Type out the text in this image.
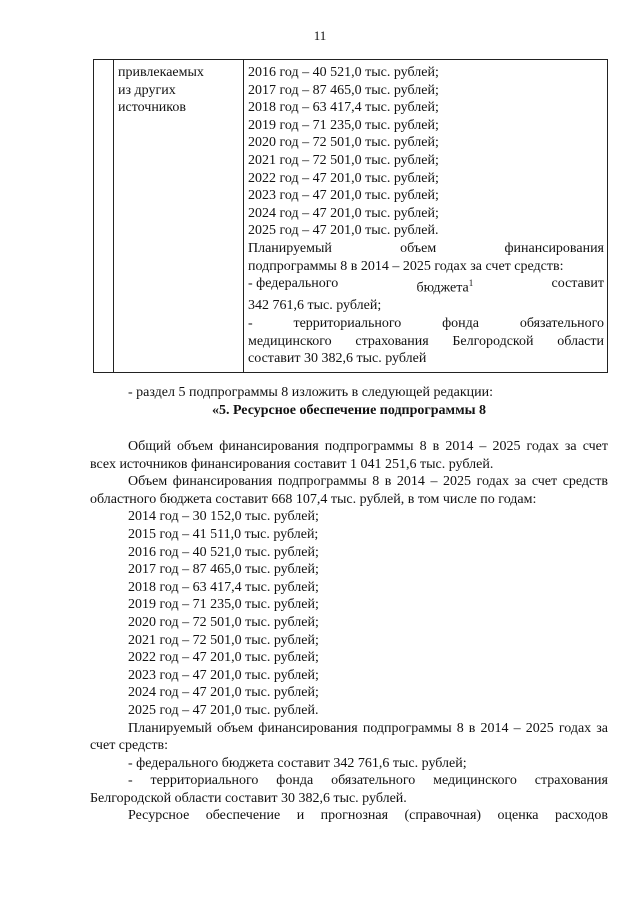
11

привлекаемых
из других
источников

2016 год – 40 521,0 тыс. рублей;
2017 год – 87 465,0 тыс. рублей;
2018 год – 63 417,4 тыс. рублей;
2019 год – 71 235,0 тыс. рублей;
2020 год – 72 501,0 тыс. рублей;
2021 год – 72 501,0 тыс. рублей;
2022 год – 47 201,0 тыс. рублей;
2023 год – 47 201,0 тыс. рублей;
2024 год – 47 201,0 тыс. рублей;
2025 год – 47 201,0 тыс. рублей.
Планируемый объем финансирования
подпрограммы 8 в 2014 – 2025 годах за счет средств:
- федерального	бюджета$^1$	составит
342 761,6 тыс. рублей;
- территориального фонда обязательного
медицинского страхования Белгородской области
составит 30 382,6 тыс. рублей

- раздел 5 подпрограммы 8 изложить в следующей редакции:

«5. Ресурсное обеспечение подпрограммы 8

Общий объем финансирования подпрограммы 8 в 2014 – 2025 годах за счет всех источников финансирования составит 1 041 251,6 тыс. рублей.

Объем финансирования подпрограммы 8 в 2014 – 2025 годах за счет средств областного бюджета составит 668 107,4 тыс. рублей, в том числе по годам:

2014 год – 30 152,0 тыс. рублей;
2015 год – 41 511,0 тыс. рублей;
2016 год – 40 521,0 тыс. рублей;
2017 год – 87 465,0 тыс. рублей;
2018 год – 63 417,4 тыс. рублей;
2019 год – 71 235,0 тыс. рублей;
2020 год – 72 501,0 тыс. рублей;
2021 год – 72 501,0 тыс. рублей;
2022 год – 47 201,0 тыс. рублей;
2023 год – 47 201,0 тыс. рублей;
2024 год – 47 201,0 тыс. рублей;
2025 год – 47 201,0 тыс. рублей.

Планируемый объем финансирования подпрограммы 8 в 2014 – 2025 годах за счет средств:

- федерального бюджета составит 342 761,6 тыс. рублей;

- территориального фонда обязательного медицинского страхования Белгородской области составит 30 382,6 тыс. рублей.

Ресурсное обеспечение и прогнозная (справочная) оценка расходов
